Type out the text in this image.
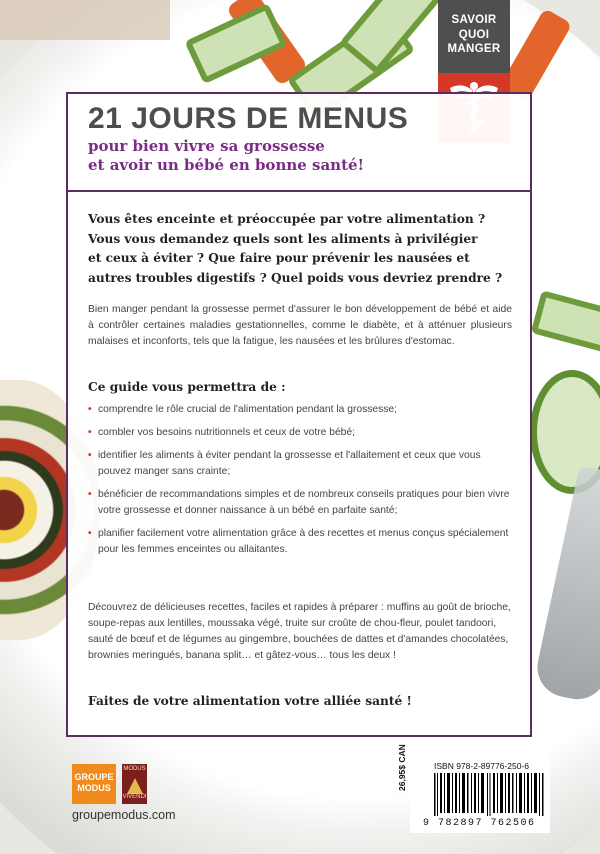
SAVOIR
QUOI
MANGER
21 JOURS DE MENUS
pour bien vivre sa grossesse
et avoir un bébé en bonne santé!
Vous êtes enceinte et préoccupée par votre alimentation ?
Vous vous demandez quels sont les aliments à privilégier
et ceux à éviter ? Que faire pour prévenir les nausées et
autres troubles digestifs ? Quel poids vous devriez prendre ?
Bien manger pendant la grossesse permet d'assurer le bon développement de bébé et aide à contrôler certaines maladies gestationnelles, comme le diabète, et à atténuer plusieurs malaises et inconforts, tels que la fatigue, les nausées et les brûlures d'estomac.
Ce guide vous permettra de :
• comprendre le rôle crucial de l'alimentation pendant la grossesse;
• combler vos besoins nutritionnels et ceux de votre bébé;
• identifier les aliments à éviter pendant la grossesse et l'allaitement et ceux que vous pouvez manger sans crainte;
• bénéficier de recommandations simples et de nombreux conseils pratiques pour bien vivre votre grossesse et donner naissance à un bébé en parfaite santé;
• planifier facilement votre alimentation grâce à des recettes et menus conçus spécialement pour les femmes enceintes ou allaitantes.
Découvrez de délicieuses recettes, faciles et rapides à préparer : muffins au goût de brioche, soupe-repas aux lentilles, moussaka végé, truite sur croûte de chou-fleur, poulet tandoori, sauté de bœuf et de légumes au gingembre, bouchées de dattes et d'amandes chocolatées, brownies meringués, banana split… et gâtez-vous… tous les deux !
Faites de votre alimentation votre alliée santé !
GROUPE
MODUS
MODUS
VIVENDI
groupemodus.com
ISBN 978-2-89776-250-6
9 782897 762506
26,95$ CAN
